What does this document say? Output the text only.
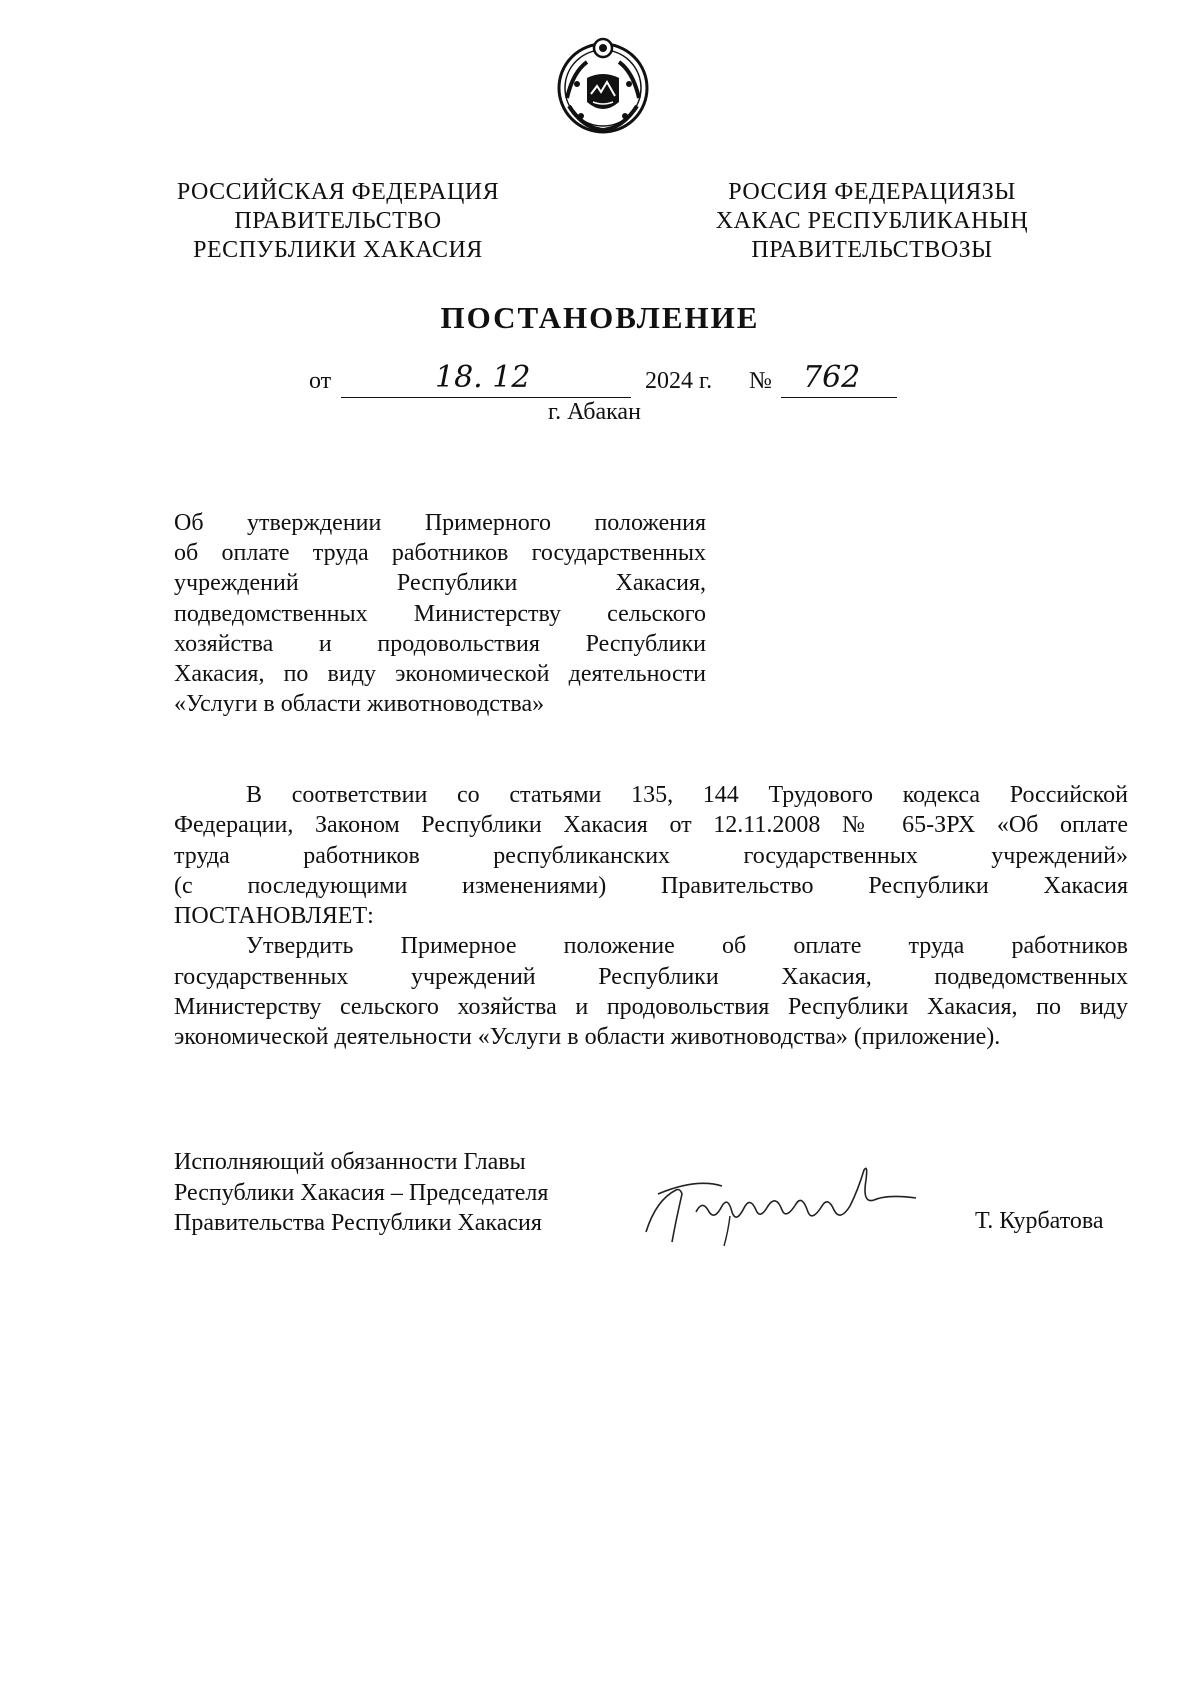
РОССИЙСКАЯ ФЕДЕРАЦИЯ
ПРАВИТЕЛЬСТВО
РЕСПУБЛИКИ ХАКАСИЯ
РОССИЯ ФЕДЕРАЦИЯЗЫ
ХАКАС РЕСПУБЛИКАНЫҢ
ПРАВИТЕЛЬСТВОЗЫ
ПОСТАНОВЛЕНИЕ
от	18. 12	2024 г. № 762
г. Абакан
Об утверждении Примерного положения
об оплате труда работников государственных
учреждений Республики Хакасия,
подведомственных Министерству сельского
хозяйства и продовольствия Республики
Хакасия, по виду экономической деятельности
«Услуги в области животноводства»
В соответствии со статьями 135, 144 Трудового кодекса Российской
Федерации, Законом Республики Хакасия от 12.11.2008 № 65-ЗРХ «Об оплате
труда работников республиканских государственных учреждений»
(с последующими изменениями) Правительство Республики Хакасия
ПОСТАНОВЛЯЕТ:
Утвердить Примерное положение об оплате труда работников
государственных учреждений Республики Хакасия, подведомственных
Министерству сельского хозяйства и продовольствия Республики Хакасия, по виду
экономической деятельности «Услуги в области животноводства» (приложение).
Исполняющий обязанности Главы
Республики Хакасия – Председателя
Правительства Республики Хакасия	Т. Курбатова
